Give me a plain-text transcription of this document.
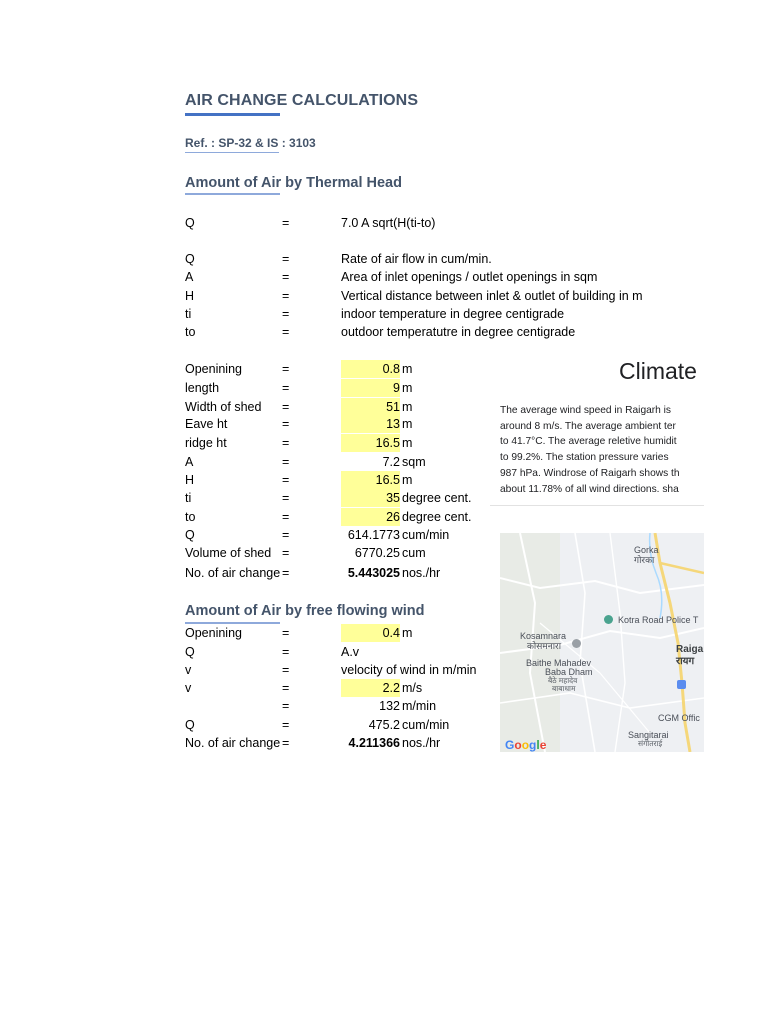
AIR CHANGE CALCULATIONS
Ref. : SP-32 & IS : 3103
Amount of Air by Thermal Head
Q	=	7.0 A sqrt(H(ti-to)
Q	=	Rate of air flow in cum/min.
A	=	Area of inlet openings / outlet openings in sqm
H	=	Vertical distance between inlet & outlet of building in m
ti	=	indoor temperature in degree centigrade
to	=	outdoor temperatutre in degree centigrade
Openining	=	0.8 m
length	=	9 m
Width of shed =	51 m
Eave ht	=	13 m
ridge ht	=	16.5 m
A	=	7.2 sqm
H	=	16.5 m
ti	=	35 degree cent.
to	=	26 degree cent.
Q	=	614.1773 cum/min
Volume of shed =	6770.25 cum
No. of air change =	5.443025 nos./hr
Amount of Air by free flowing wind
Openining	=	0.4 m
Q	=	A.v
v	=	velocity of wind in m/min
v	=	2.2 m/s
=	132 m/min
Q	=	475.2 cum/min
No. of air change =	4.211366 nos./hr
Climate
The average wind speed in Raigarh is
around 8 m/s. The average ambient ter
to 41.7°C. The average reletive humidit
to 99.2%. The station pressure varies
987 hPa. Windrose of Raigarh shows th
about 11.78% of all wind directions. sha
Gorka
गोरका
Kotra Road Police T
Kosamnara
कोसमनारा
Baithe Mahadev
Baba Dham
बैठे महादेव
बाबाधाम
Raiga
रायग
CGM Offic
Sangitarai
संगीतराई
Google
